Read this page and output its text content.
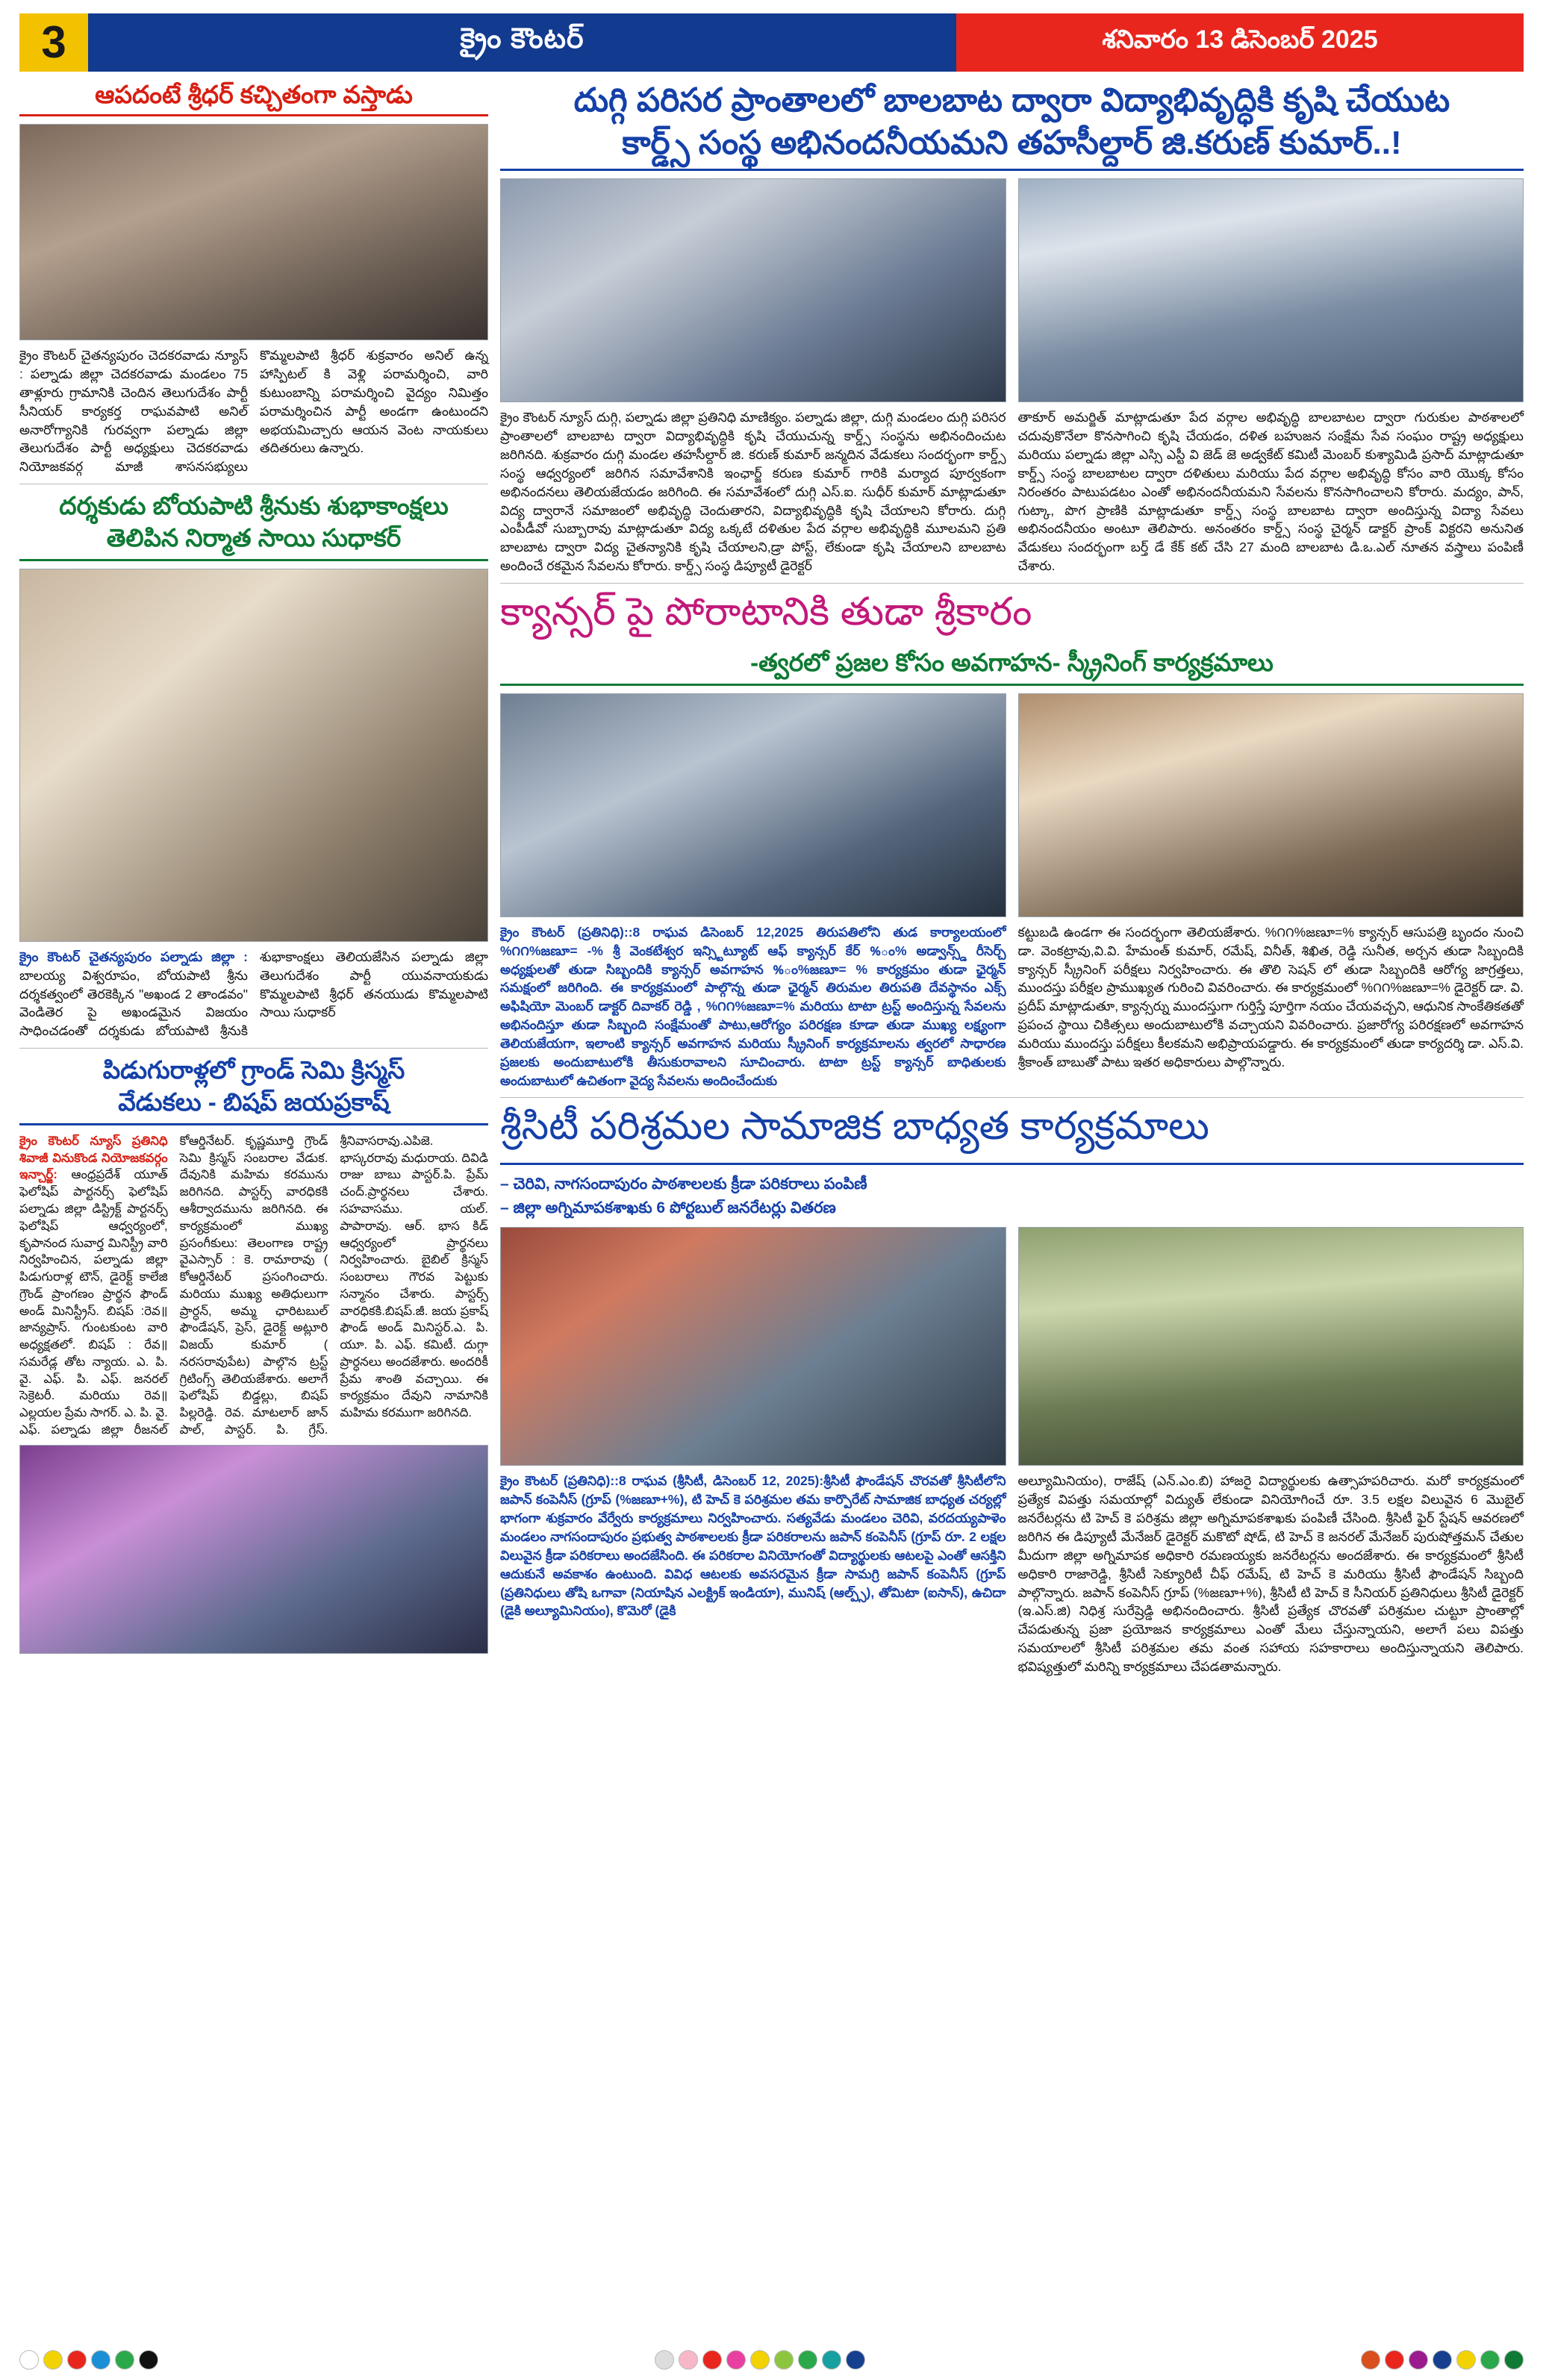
3	క్రైం కౌంటర్	శనివారం 13 డిసెంబర్ 2025
ఆపదంటే శ్రీధర్ కచ్చితంగా వస్తాడు
క్రైం కౌంటర్ చైతన్యపురం చెదకరవాడు న్యూస్ : పల్నాడు జిల్లా చెదకరవాడు మండలం 75 తాళ్లూరు గ్రామానికి చెందిన తెలుగుదేశం పార్టీ సీనియర్ కార్యకర్త రాఘవపాటి అనిల్ అనారోగ్యానికి గురవ్వగా పల్నాడు జిల్లా తెలుగుదేశం పార్టీ అధ్యక్షులు చెదకరవాడు నియోజకవర్గ మాజీ శాసనసభ్యులు కొమ్మలపాటి శ్రీధర్ శుక్రవారం అనిల్ ఉన్న హాస్పిటల్ కి వెళ్లి పరామర్శించి, వారి కుటుంబాన్ని పరామర్శించి వైద్యం నిమిత్తం పరామర్శించిన పార్టీ అండగా ఉంటుందని అభయమిచ్చారు ఆయన వెంట నాయకులు తదితరులు ఉన్నారు.
దర్శకుడు బోయపాటి శ్రీనుకు శుభాకాంక్షలు
తెలిపిన నిర్మాత సాయి సుధాకర్
క్రైం కౌంటర్ చైతన్యపురం పల్నాడు జిల్లా : బాలయ్య విశ్వరూపం, బోయపాటి శ్రీను దర్శకత్వంలో తెరకెక్కిన "అఖండ 2 తాండవం" వెండితెర పై అఖండమైన విజయం సాధించడంతో దర్శకుడు బోయపాటి శ్రీనుకి శుభాకాంక్షలు తెలియజేసిన పల్నాడు జిల్లా తెలుగుదేశం పార్టీ యువనాయకుడు కొమ్మలపాటి శ్రీధర్ తనయుడు కొమ్మలపాటి సాయి సుధాకర్
పిడుగురాళ్లలో గ్రాండ్ సెమి క్రిస్మస్
వేడుకలు - బిషప్ జయప్రకాష్
క్రైం కౌంటర్ న్యూస్ ప్రతినిధి శివాజీ వినుకొండ నియోజకవర్గం ఇన్చార్జ్: ఆంధ్రప్రదేశ్ యూత్ ఫెలోషిప్ పార్టనర్స్ ఫెలోషిప్ పల్నాడు జిల్లా డిస్ట్రిక్ట్ పార్టనర్స్ ఫెలోషిప్ ఆధ్వర్యంలో, కృపానంద సువార్త మినిస్ట్రీ వారి నిర్వహించిన, పల్నాడు జిల్లా పిడుగురాళ్ల టౌన్, డైరెక్ట్ కాలేజి గ్రౌండ్ ప్రాంగణం ప్రార్థన ఫౌండ్ అండ్ మినిస్ట్రీస్. బిషప్ :రెవ॥ జాన్యప్రాస్. గుంటకుంట వారి అధ్యక్షతలో. బిషప్ : రేవ॥ సమరేడ్ల తోట న్యాయ. ఎ. పి. వై. ఎఫ్. పి. ఎఫ్. జనరల్ సెక్రెటరీ. మరియు రెవ॥ ఎల్లయల ప్రేమ సాగర్. ఎ. పి. వై. ఎఫ్. పల్నాడు జిల్లా రీజనల్ కోఆర్డినేటర్. కృష్ణమూర్తి గ్రౌండ్ సెమి క్రిస్మస్ సంబరాల వేడుక. దేవునికి మహిమ కరమును జరిగినది. పాస్టర్స్ వారధికకి ఆశీర్వాదమును జరిగినది. ఈ కార్యక్రమంలో ముఖ్య ప్రసంగీకులు: తెలంగాణ రాష్ట్ర వైఎస్సార్ : కె. రామారావు ( కోఆర్డినేటర్ ప్రసంగించారు. మరియు ముఖ్య అతిధులుగా ప్రార్ధన్, అమ్మ ఛారిటబుల్ ఫౌండేషన్, ప్రెస్, డైరెక్ట్ అట్లూరి విజయ్ కుమార్ ( నరసరావుపేట) పాల్గొన ట్రస్ట్ గ్రిటింగ్స్ తెలియజేశారు. అలాగే ఫెలోషిప్ బిడ్డల్లు, బిషప్ పిల్లరెడ్డి. రెవ. మాటలార్ జాన్ పాల్, పాస్టర్. పి. గ్రేస్. శ్రీనివాసరావు.ఎపిజె. భాస్కరరావు మధురాయ. దివిడి రాజు బాబు పాస్టర్.పి. ప్రేమ్ చంద్.ప్రార్థనలు చేశారు. సహవాసము. యల్. పాపారావు. ఆర్. భాస కిడ్ ఆధ్వర్యంలో ప్రార్థనలు నిర్వహించారు. బైబిల్ క్రిస్మస్ సంబరాలు గౌరవ పెట్టుకు సన్మానం చేశారు. పాస్టర్స్ వారధికకి.బిషప్.జీ. జయ ప్రకాష్ ఫౌండ్ అండ్ మినిస్టర్.ఎ. పి. యూ. పి. ఎఫ్. కమిటీ. దుగ్గా ప్రార్ధనలు అందజేశారు. అందరికీ ప్రేమ శాంతి వచ్చాయి. ఈ కార్యక్రమం దేవుని నామానికి మహిమ కరముగా జరిగినది.
దుగ్గి పరిసర ప్రాంతాలలో బాలబాట ద్వారా విద్యాభివృద్ధికి కృషి చేయుట
కార్డ్స్ సంస్థ అభినందనీయమని తహసీల్దార్ జి.కరుణ్ కుమార్..!
క్రైం కౌంటర్ న్యూస్ దుగ్గి, పల్నాడు జిల్లా ప్రతినిధి మాణిక్యం. పల్నాడు జిల్లా, దుగ్గి మండలం దుగ్గి పరిసర ప్రాంతాలలో బాలబాట ద్వారా విద్యాభివృద్ధికి కృషి చేయుచున్న కార్డ్స్ సంస్థను అభినందించుట జరిగినది. శుక్రవారం దుగ్గి మండల తహసీల్దార్ జి. కరుణ్ కుమార్ జన్మదిన వేడుకలు సందర్భంగా కార్డ్స్ సంస్థ ఆధ్వర్యంలో జరిగిన సమావేశానికి ఇంఛార్జ్ కరుణ కుమార్ గారికి మర్యాద పూర్వకంగా అభినందనలు తెలియజేయడం జరిగింది. ఈ సమావేశంలో దుగ్గి ఎస్.ఐ. సుధీర్ కుమార్ మాట్లాడుతూ విద్య ద్వారానే సమాజంలో అభివృద్ధి చెందుతారని, విద్యాభివృద్ధికి కృషి చేయాలని కోరారు. దుగ్గి ఎంపీడీవో సుబ్బారావు మాట్లాడుతూ విద్య ఒక్కటే దళితుల పేద వర్గాల అభివృద్ధికి మూలమని ప్రతి బాలబాట ద్వారా విద్య చైతన్యానికి కృషి చేయాలని,డ్రా పోస్ట్, లేకుండా కృషి చేయాలని బాలబాట అందించే రకమైన సేవలను కోరారు. కార్డ్స్ సంస్థ డిప్యూటీ డైరెక్టర్
తాకూర్ అమర్జిత్ మాట్లాడుతూ పేద వర్గాల అభివృద్ధి బాలబాటల ద్వారా గురుకుల పాఠశాలలో చదువుకొనేలా కొనసాగించి కృషి చేయడం, దళిత బహుజన సంక్షేమ సేవ సంఘం రాష్ట్ర అధ్యక్షులు మరియు పల్నాడు జిల్లా ఎస్సి ఎస్టీ వి జెడ్ జె అడ్వకేట్ కమిటీ మెంబర్ కుశ్యామిడి ప్రసాద్ మాట్లాడుతూ కార్డ్స్ సంస్థ బాలబాటల ద్వారా దళితులు మరియు పేద వర్గాల అభివృద్ధి కోసం వారి యొక్క కోసం నిరంతరం పాటుపడటం ఎంతో అభినందనీయమని సేవలను కొనసాగించాలని కోరారు. మద్యం, పాన్, గుట్కా, పొగ ప్రాణికి మాట్లాడుతూ కార్డ్స్ సంస్థ బాలబాట ద్వారా అందిస్తున్న విద్యా సేవలు అభినందనీయం అంటూ తెలిపారు. అనంతరం కార్డ్స్ సంస్థ చైర్మన్ డాక్టర్ ప్రాంక్ విక్టరని అనునిత వేడుకలు సందర్భంగా బర్త్ డే కేక్ కట్ చేసి 27 మంది బాలబాట డి.ఒ.ఎల్ నూతన వస్త్రాలు పంపిణీ చేశారు.
క్యాన్సర్ పై పోరాటానికి తుడా శ్రీకారం
-త్వరలో ప్రజల కోసం అవగాహన- స్క్రీనింగ్ కార్యక్రమాలు
క్రైం కౌంటర్ (ప్రతినిధి)::8 రాఘవ డిసెంబర్ 12,2025 తిరుపతిలోని తుడ కార్యాలయంలో %౧౧%జణూ= -% శ్రీ వెంకటేశ్వర ఇన్స్టిట్యూట్ ఆఫ్ క్యాన్సర్ కేర్ %ం% అడ్వాన్స్డ్ రీసెర్చ్ అధ్యక్షులతో తుడా సిబ్బందికి క్యాన్సర్ అవగాహన %ం%జణూ= % కార్యక్రమం తుడా ఛైర్మన్ సమక్షంలో జరిగింది. ఈ కార్యక్రమంలో పాల్గొన్న తుడా ఛైర్మన్ తిరుమల తిరుపతి దేవస్థానం ఎక్స్ అఫిషియో మెంబర్ డాక్టర్ దివాకర్ రెడ్డి , %౧౧%జణూ=% మరియు టాటా ట్రస్ట్ అందిస్తున్న సేవలను అభినందిస్తూ తుడా సిబ్బంది సంక్షేమంతో పాటు,ఆరోగ్యం పరిరక్షణ కూడా తుడా ముఖ్య లక్ష్యంగా తెలియజేయగా, ఇలాంటి క్యాన్సర్ అవగాహన మరియు స్క్రీనింగ్ కార్యక్రమాలను త్వరలో సాధారణ ప్రజలకు అందుబాటులోకి తీసుకురావాలని సూచించారు. టాటా ట్రస్ట్ క్యాన్సర్ బాధితులకు అందుబాటులో ఉచితంగా వైద్య సేవలను అందించేందుకు
కట్టుబడి ఉండగా ఈ సందర్భంగా తెలియజేశారు. %౧౧%జణూ=% క్యాన్సర్ ఆసుపత్రి బృందం నుంచి డా. వెంకట్రావు,వి.వి. హేమంత్ కుమార్, రమేష్, వినీత్, శిఖిత, రెడ్డి సునీత, అర్చన తుడా సిబ్బందికి క్యాన్సర్ స్క్రీనింగ్ పరీక్షలు నిర్వహించారు. ఈ తొలి సెషన్ లో తుడా సిబ్బందికి ఆరోగ్య జాగ్రత్తలు, ముందస్తు పరీక్షల ప్రాముఖ్యత గురించి వివరించారు. ఈ కార్యక్రమంలో %౧౧%జణూ=% డైరెక్టర్ డా. వి. ప్రదీప్ మాట్లాడుతూ, క్యాన్సర్ను ముందస్తుగా గుర్తిస్తే పూర్తిగా నయం చేయవచ్చని, ఆధునిక సాంకేతికతతో ప్రపంచ స్థాయి చికిత్సలు అందుబాటులోకి వచ్చాయని వివరించారు. ప్రజారోగ్య పరిరక్షణలో అవగాహన మరియు ముందస్తు పరీక్షలు కీలకమని అభిప్రాయపడ్డారు. ఈ కార్యక్రమంలో తుడా కార్యదర్శి డా. ఎస్.వి. శ్రీకాంత్ బాబుతో పాటు ఇతర అధికారులు పాల్గొన్నారు.
శ్రీసిటీ పరిశ్రమల సామాజిక బాధ్యత కార్యక్రమాలు
– చెరివి, నాగసందాపురం పాఠశాలలకు క్రీడా పరికరాలు పంపిణీ
– జిల్లా అగ్నిమాపకశాఖకు 6 పోర్టబుల్ జనరేటర్లు వితరణ
క్రైం కౌంటర్ (ప్రతినిధి)::8 రాఘవ (శ్రీసిటీ, డిసెంబర్ 12, 2025):శ్రీసిటీ ఫౌండేషన్ చొరవతో శ్రీసిటీలోని జపాన్ కంపెనీస్ (గ్రూప్ (%జణూ+%), టి హెచ్ కె పరిశ్రమల తమ కార్పొరేట్ సామాజిక బాధ్యత చర్యల్లో భాగంగా శుక్రవారం వేర్వేరు కార్యక్రమాలు నిర్వహించారు. సత్యవేడు మండలం చెరివి, వరదయ్యపాళెం మండలం నాగసందాపురం ప్రభుత్వ పాఠశాలలకు క్రీడా పరికరాలను జపాన్ కంపెనీస్ (గ్రూప్ రూ. 2 లక్షల విలువైన క్రీడా పరికరాలు అందజేసింది. ఈ పరికరాల వినియోగంతో విద్యార్థులకు ఆటలపై ఎంతో ఆసక్తిని ఆదుకునే అవకాశం ఉంటుంది. వివిధ ఆటలకు అవసరమైన క్రీడా సామగ్రి జపాన్ కంపెనీస్ (గ్రూప్ (ప్రతినిధులు తోషి ఒగావా (నియాషిన ఎలక్ట్రిక్ ఇండియా), మునిష్ (ఆల్ప్స్), తోమిటా (ఐసాన్), ఉచిదా (డైకి అల్యూమినియం), కొమెరో (డైకి
అల్యూమినియం), రాజేష్ (ఎన్.ఎం.బి) హాజరై విద్యార్థులకు ఉత్సాహపరిచారు. మరో కార్యక్రమంలో ప్రత్యేక విపత్తు సమయాల్లో విద్యుత్ లేకుండా వినియోగించే రూ. 3.5 లక్షల విలువైన 6 మొబైల్ జనరేటర్లను టి హెచ్ కె పరిశ్రమ జిల్లా అగ్నిమాపకశాఖకు పంపిణీ చేసింది. శ్రీసిటీ ఫైర్ స్టేషన్ ఆవరణలో జరిగిన ఈ డిప్యూటీ మేనేజర్ డైరెక్టర్ మకొటో షోడ్, టి హెచ్ కె జనరల్ మేనేజర్ పురుషోత్తమన్ చేతుల మీదుగా జిల్లా అగ్నిమాపక అధికారి రమణయ్యకు జనరేటర్లను అందజేశారు. ఈ కార్యక్రమంలో శ్రీసిటీ అధికారి రాజారెడ్డి, శ్రీసిటీ సెక్యూరిటీ చీఫ్ రమేష్, టి హెచ్ కె మరియు శ్రీసిటీ ఫౌండేషన్ సిబ్బంది పాల్గొన్నారు. జపాన్ కంపెనీస్ గ్రూప్ (%జణూ+%), శ్రీసిటీ టి హెచ్ కె సీనియర్ ప్రతినిధులు శ్రీసిటీ డైరెక్టర్ (ఇ.ఎస్.జి) నిధిశ్ర సురేష్రెడ్డి అభినందించారు. శ్రీసిటీ ప్రత్యేక చొరవతో పరిశ్రమల చుట్టూ ప్రాంతాల్లో చేపడుతున్న ప్రజా ప్రయోజన కార్యక్రమాలు ఎంతో మేలు చేస్తున్నాయని, అలాగే పలు విపత్తు సమయాలలో శ్రీసిటీ పరిశ్రమల తమ వంత సహాయ సహకారాలు అందిస్తున్నాయని తెలిపారు. భవిష్యత్తులో మరిన్ని కార్యక్రమాలు చేపడతామన్నారు.
